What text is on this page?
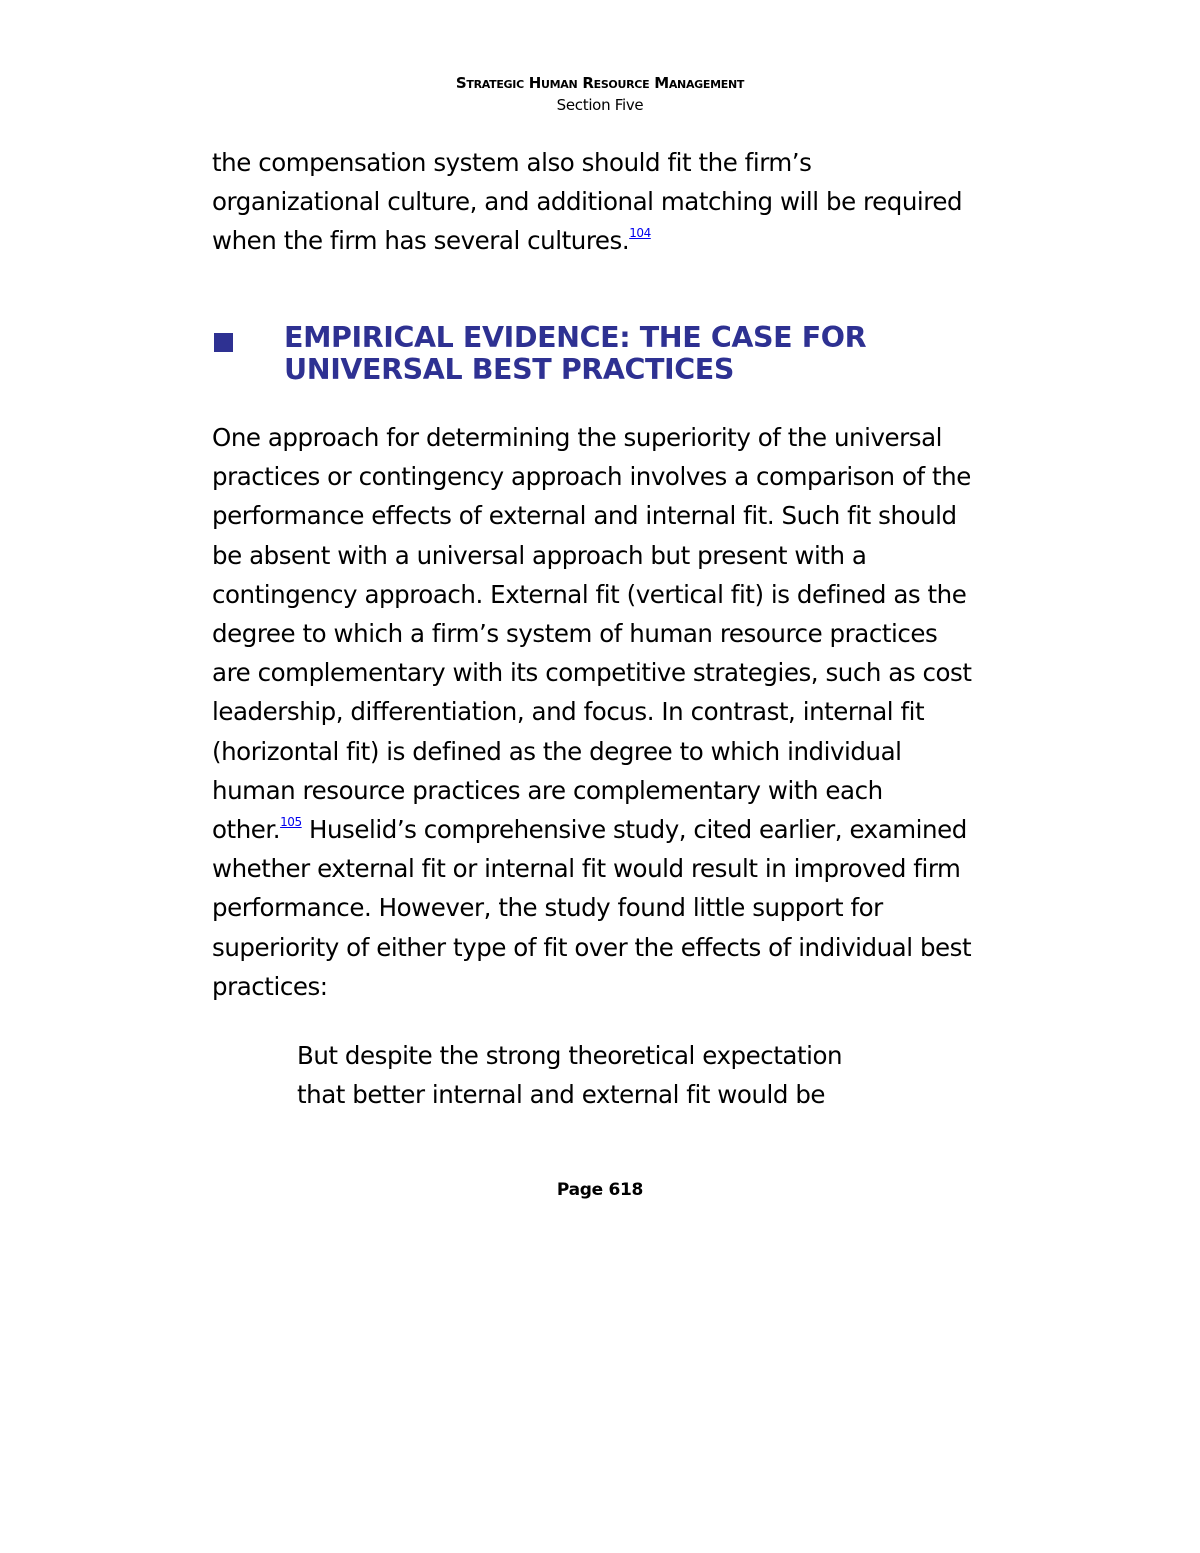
Strategic Human Resource Management
Section Five
the compensation system also should fit the firm’s
organizational culture, and additional matching will be required
when the firm has several cultures.$^{104}$
EMPIRICAL EVIDENCE: THE CASE FOR
UNIVERSAL BEST PRACTICES
One approach for determining the superiority of the universal
practices or contingency approach involves a comparison of the
performance effects of external and internal fit. Such fit should
be absent with a universal approach but present with a
contingency approach. External fit (vertical fit) is defined as the
degree to which a firm’s system of human resource practices
are complementary with its competitive strategies, such as cost
leadership, differentiation, and focus. In contrast, internal fit
(horizontal fit) is defined as the degree to which individual
human resource practices are complementary with each
other.$^{105}$ Huselid’s comprehensive study, cited earlier, examined
whether external fit or internal fit would result in improved firm
performance. However, the study found little support for
superiority of either type of fit over the effects of individual best
practices:
But despite the strong theoretical expectation
that better internal and external fit would be
Page 618
